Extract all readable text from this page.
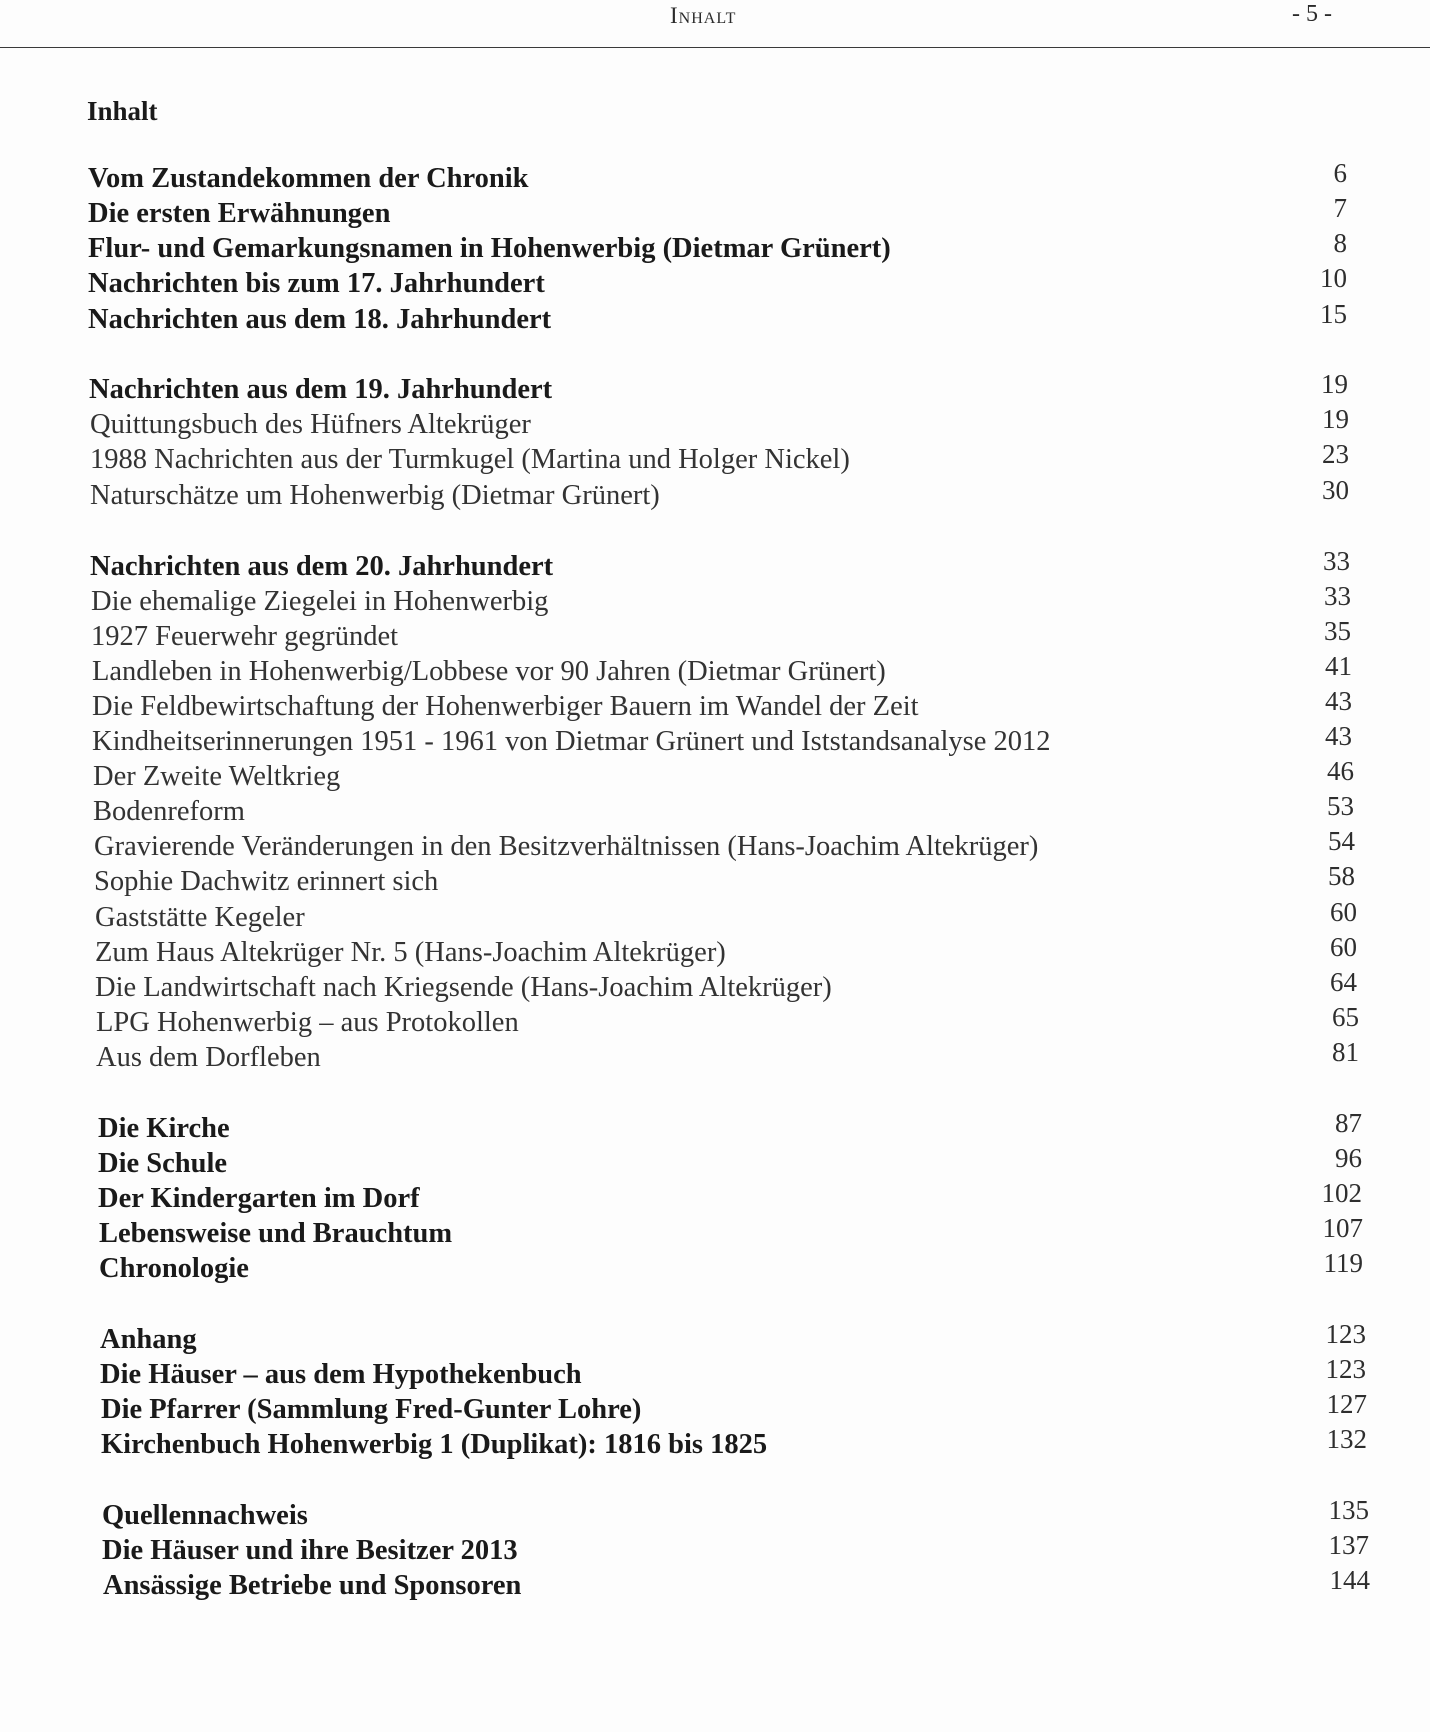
Inhalt	- 5 -
Inhalt
Vom Zustandekommen der Chronik	6
Die ersten Erwähnungen	7
Flur- und Gemarkungsnamen in Hohenwerbig (Dietmar Grünert)	8
Nachrichten bis zum 17. Jahrhundert	10
Nachrichten aus dem 18. Jahrhundert	15
Nachrichten aus dem 19. Jahrhundert	19
Quittungsbuch des Hüfners Altekrüger	19
1988 Nachrichten aus der Turmkugel (Martina und Holger Nickel)	23
Naturschätze um Hohenwerbig (Dietmar Grünert)	30
Nachrichten aus dem 20. Jahrhundert	33
Die ehemalige Ziegelei in Hohenwerbig	33
1927 Feuerwehr gegründet	35
Landleben in Hohenwerbig/Lobbese vor 90 Jahren (Dietmar Grünert)	41
Die Feldbewirtschaftung der Hohenwerbiger Bauern im Wandel der Zeit	43
Kindheitserinnerungen 1951 - 1961 von Dietmar Grünert und Iststandsanalyse 2012	43
Der Zweite Weltkrieg	46
Bodenreform	53
Gravierende Veränderungen in den Besitzverhältnissen (Hans-Joachim Altekrüger)	54
Sophie Dachwitz erinnert sich	58
Gaststätte Kegeler	60
Zum Haus Altekrüger Nr. 5 (Hans-Joachim Altekrüger)	60
Die Landwirtschaft nach Kriegsende (Hans-Joachim Altekrüger)	64
LPG Hohenwerbig – aus Protokollen	65
Aus dem Dorfleben	81
Die Kirche	87
Die Schule	96
Der Kindergarten im Dorf	102
Lebensweise und Brauchtum	107
Chronologie	119
Anhang	123
Die Häuser – aus dem Hypothekenbuch	123
Die Pfarrer (Sammlung Fred-Gunter Lohre)	127
Kirchenbuch Hohenwerbig 1 (Duplikat): 1816 bis 1825	132
Quellennachweis	135
Die Häuser und ihre Besitzer 2013	137
Ansässige Betriebe und Sponsoren	144
